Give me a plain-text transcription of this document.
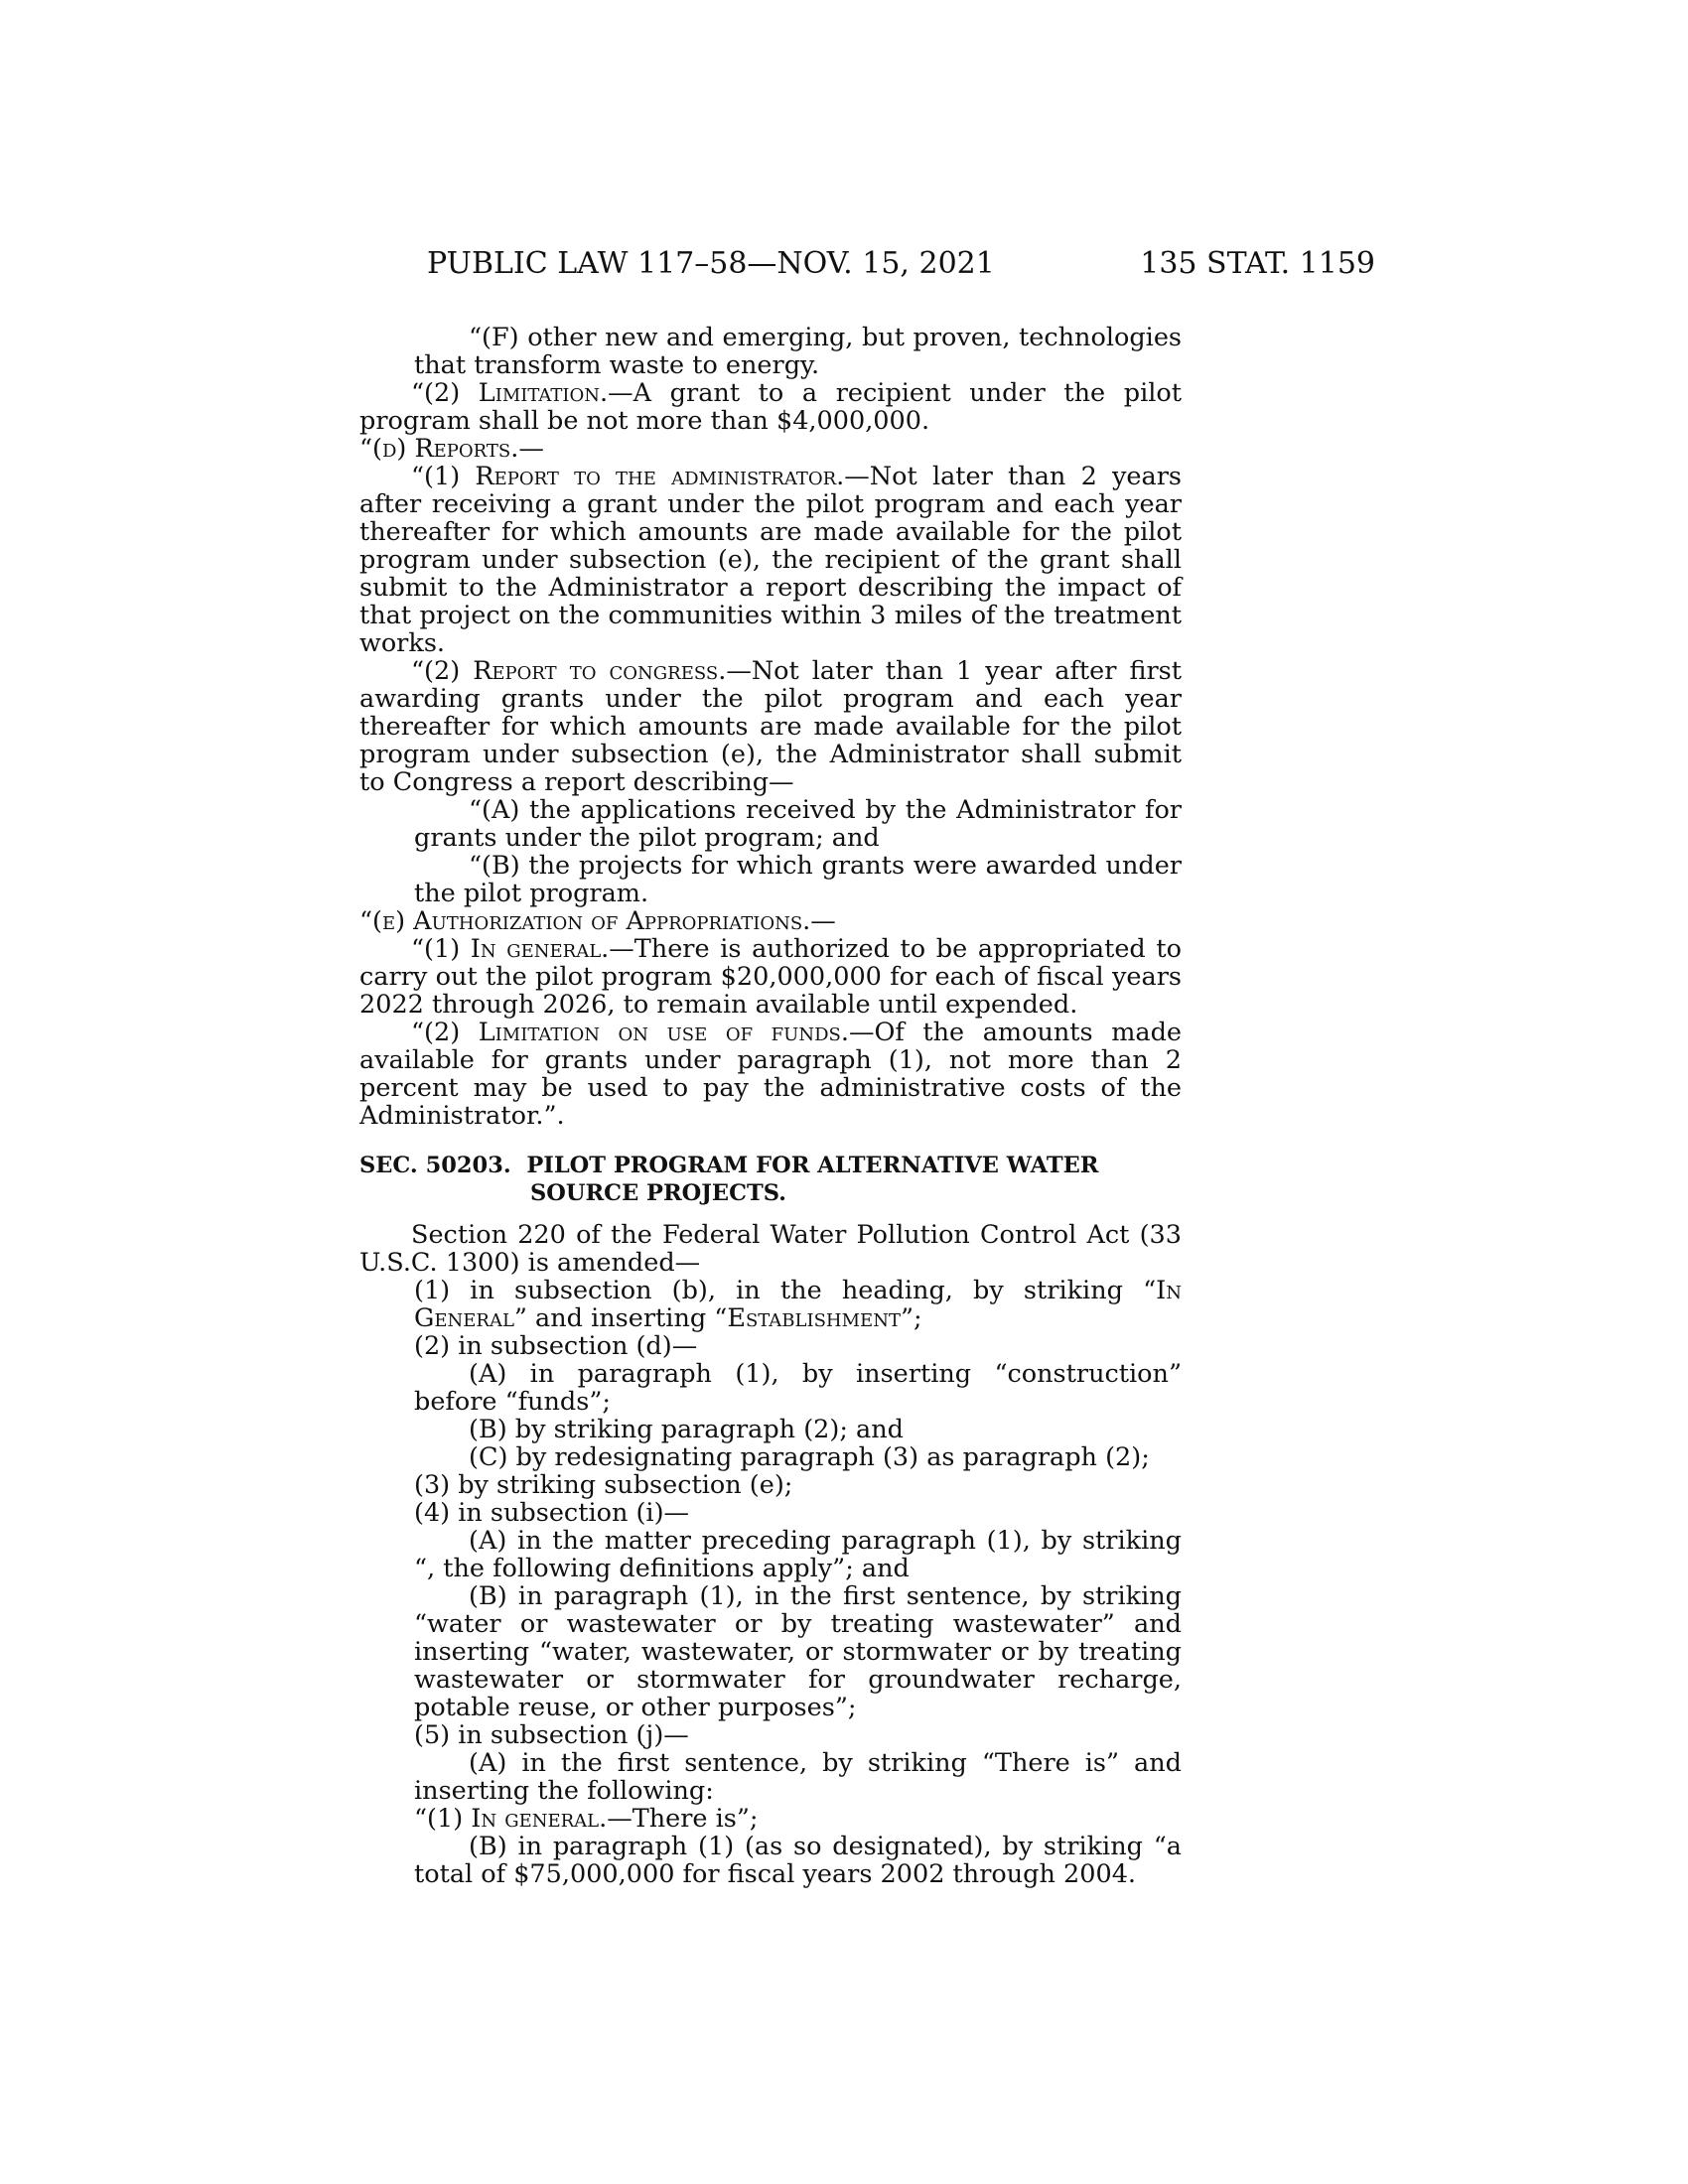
PUBLIC LAW 117–58—NOV. 15, 2021	135 STAT. 1159

“(F) other new and emerging, but proven, technologies that transform waste to energy.

“(2) Limitation.—A grant to a recipient under the pilot program shall be not more than $4,000,000.

“(d) Reports.—

“(1) Report to the administrator.—Not later than 2 years after receiving a grant under the pilot program and each year thereafter for which amounts are made available for the pilot program under subsection (e), the recipient of the grant shall submit to the Administrator a report describing the impact of that project on the communities within 3 miles of the treatment works.

“(2) Report to congress.—Not later than 1 year after first awarding grants under the pilot program and each year thereafter for which amounts are made available for the pilot program under subsection (e), the Administrator shall submit to Congress a report describing—

“(A) the applications received by the Administrator for grants under the pilot program; and

“(B) the projects for which grants were awarded under the pilot program.

“(e) Authorization of Appropriations.—

“(1) In general.—There is authorized to be appropriated to carry out the pilot program $20,000,000 for each of fiscal years 2022 through 2026, to remain available until expended.

“(2) Limitation on use of funds.—Of the amounts made available for grants under paragraph (1), not more than 2 percent may be used to pay the administrative costs of the Administrator.”.

SEC. 50203. PILOT PROGRAM FOR ALTERNATIVE WATER SOURCE PROJECTS.

Section 220 of the Federal Water Pollution Control Act (33 U.S.C. 1300) is amended—

(1) in subsection (b), in the heading, by striking “In General” and inserting “Establishment”;

(2) in subsection (d)—

(A) in paragraph (1), by inserting “construction” before “funds”;

(B) by striking paragraph (2); and

(C) by redesignating paragraph (3) as paragraph (2);

(3) by striking subsection (e);

(4) in subsection (i)—

(A) in the matter preceding paragraph (1), by striking “, the following definitions apply”; and

(B) in paragraph (1), in the first sentence, by striking “water or wastewater or by treating wastewater” and inserting “water, wastewater, or stormwater or by treating wastewater or stormwater for groundwater recharge, potable reuse, or other purposes”;

(5) in subsection (j)—

(A) in the first sentence, by striking “There is” and inserting the following:

“(1) In general.—There is”;

(B) in paragraph (1) (as so designated), by striking “a total of $75,000,000 for fiscal years 2002 through 2004.
